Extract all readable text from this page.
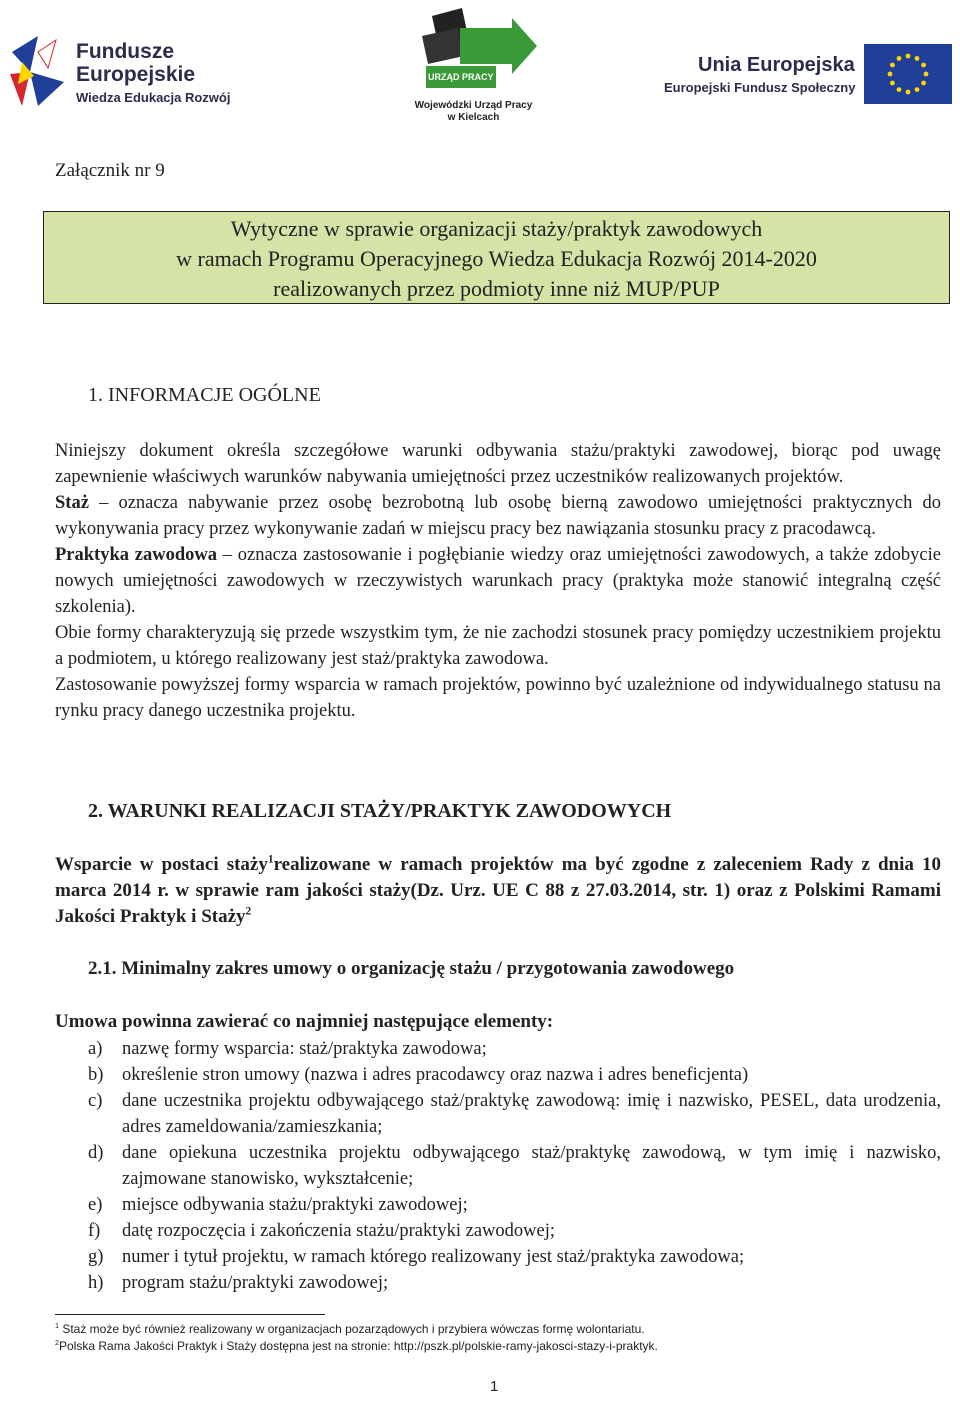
Fundusze
Europejskie
Wiedza Edukacja Rozwój
URZĄD PRACY
Wojewódzki Urząd Pracy
w Kielcach
Unia Europejska
Europejski Fundusz Społeczny
Załącznik nr 9
Wytyczne w sprawie organizacji staży/praktyk zawodowych
w ramach Programu Operacyjnego Wiedza Edukacja Rozwój 2014-2020
realizowanych przez podmioty inne niż MUP/PUP
1. INFORMACJE OGÓLNE

Niniejszy dokument określa szczegółowe warunki odbywania stażu/praktyki zawodowej, biorąc pod uwagę zapewnienie właściwych warunków nabywania umiejętności przez uczestników realizowanych projektów.

Staż – oznacza nabywanie przez osobę bezrobotną lub osobę bierną zawodowo umiejętności praktycznych do wykonywania pracy przez wykonywanie zadań w miejscu pracy bez nawiązania stosunku pracy z pracodawcą.

Praktyka zawodowa – oznacza zastosowanie i pogłębianie wiedzy oraz umiejętności zawodowych, a także zdobycie nowych umiejętności zawodowych w rzeczywistych warunkach pracy (praktyka może stanowić integralną część szkolenia).

Obie formy charakteryzują się przede wszystkim tym, że nie zachodzi stosunek pracy pomiędzy uczestnikiem projektu a podmiotem, u którego realizowany jest staż/praktyka zawodowa.

Zastosowanie powyższej formy wsparcia w ramach projektów, powinno być uzależnione od indywidualnego statusu na rynku pracy danego uczestnika projektu.

2. WARUNKI REALIZACJI STAŻY/PRAKTYK ZAWODOWYCH
Wsparcie w postaci staży$^1$realizowane w ramach projektów ma być zgodne z zaleceniem Rady z dnia 10 marca 2014 r. w sprawie ram jakości staży(Dz. Urz. UE C 88 z 27.03.2014, str. 1) oraz z Polskimi Ramami Jakości Praktyk i Staży$^2$
2.1. Minimalny zakres umowy o organizację stażu / przygotowania zawodowego
Umowa powinna zawierać co najmniej następujące elementy:
a)	nazwę formy wsparcia: staż/praktyka zawodowa;
b)	określenie stron umowy (nazwa i adres pracodawcy oraz nazwa i adres beneficjenta)
c)	dane uczestnika projektu odbywającego staż/praktykę zawodową: imię i nazwisko, PESEL, data urodzenia, adres zameldowania/zamieszkania;
d)	dane opiekuna uczestnika projektu odbywającego staż/praktykę zawodową, w tym imię i nazwisko, zajmowane stanowisko, wykształcenie;
e)	miejsce odbywania stażu/praktyki zawodowej;
f)	datę rozpoczęcia i zakończenia stażu/praktyki zawodowej;
g)	numer i tytuł projektu, w ramach którego realizowany jest staż/praktyka zawodowa;
h)	program stażu/praktyki zawodowej;
$^1$ Staż może być również realizowany w organizacjach pozarządowych i przybiera wówczas formę wolontariatu.
$^2$Polska Rama Jakości Praktyk i Staży dostępna jest na stronie: http://pszk.pl/polskie-ramy-jakosci-stazy-i-praktyk.
1
